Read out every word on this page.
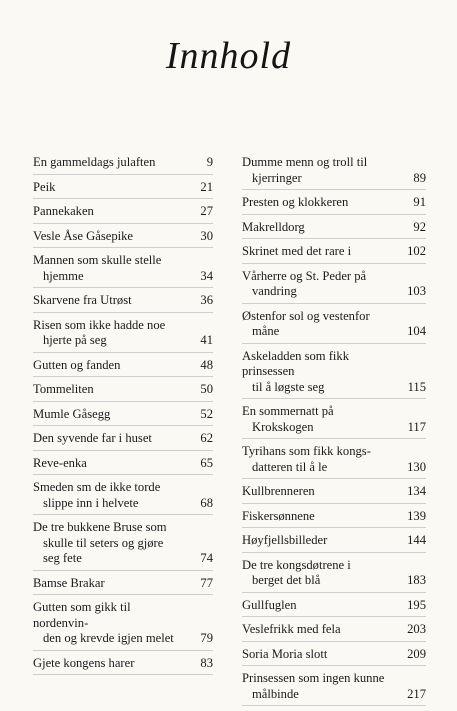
Innhold
En gammeldags julaften	9
Peik	21
Pannekaken	27
Vesle Åse Gåsepike	30
Mannen som skulle stelle
hjemme	34
Skarvene fra Utrøst	36
Risen som ikke hadde noe
hjerte på seg	41
Gutten og fanden	48
Tommeliten	50
Mumle Gåsegg	52
Den syvende far i huset	62
Reve-enka	65
Smeden sm de ikke torde
slippe inn i helvete	68
De tre bukkene Bruse som
skulle til seters og gjøre
seg fete	74
Bamse Brakar	77
Gutten som gikk til nordenvin-
den og krevde igjen melet	79
Gjete kongens harer	83
Dumme menn og troll til
kjerringer	89
Presten og klokkeren	91
Makrelldorg	92
Skrinet med det rare i	102
Vårherre og St. Peder på
vandring	103
Østenfor sol og vestenfor
måne	104
Askeladden som fikk prinsessen
til å løgste seg	115
En sommernatt på
Krokskogen	117
Tyrihans som fikk kongs-
datteren til å le	130
Kullbrenneren	134
Fiskersønnene	139
Høyfjellsbilleder	144
De tre kongsdøtrene i
berget det blå	183
Gullfuglen	195
Veslefrikk med fela	203
Soria Moria slott	209
Prinsessen som ingen kunne
målbinde	217
